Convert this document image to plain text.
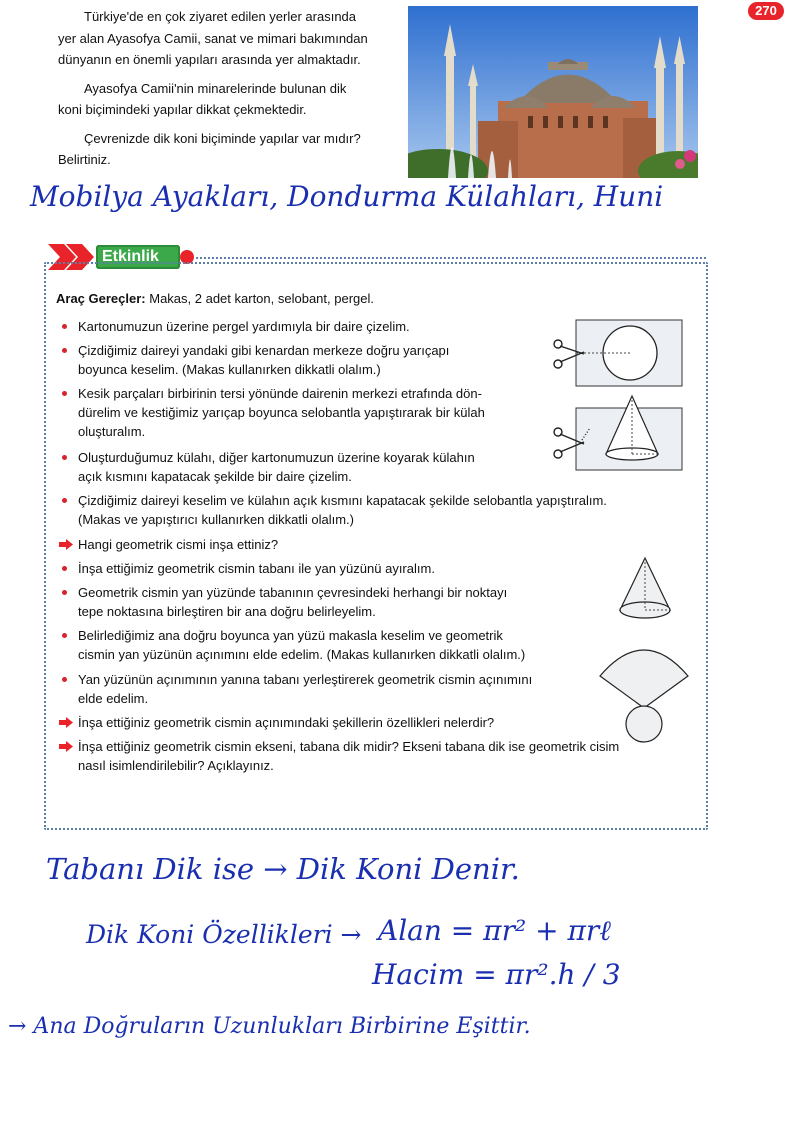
270

Türkiye'de en çok ziyaret edilen yerler arasında

yer alan Ayasofya Camii, sanat ve mimari bakımından

dünyanın en önemli yapıları arasında yer almaktadır.

Ayasofya Camii'nin minarelerinde bulunan dik

koni biçimindeki yapılar dikkat çekmektedir.

Çevrenizde dik koni biçiminde yapılar var mıdır?

Belirtiniz.

Mobilya Ayakları, Dondurma Külahları, Huni
Etkinlik
Araç Gereçler: Makas, 2 adet karton, selobant, pergel.
Kartonumuzun üzerine pergel yardımıyla bir daire çizelim.
Çizdiğimiz daireyi yandaki gibi kenardan merkeze doğru yarıçapı
boyunca keselim. (Makas kullanırken dikkatli olalım.)
Kesik parçaları birbirinin tersi yönünde dairenin merkezi etrafında dön-
dürelim ve kestiğimiz yarıçap boyunca selobantla yapıştırarak bir külah
oluşturalım.
Oluşturduğumuz külahı, diğer kartonumuzun üzerine koyarak külahın
açık kısmını kapatacak şekilde bir daire çizelim.
Çizdiğimiz daireyi keselim ve külahın açık kısmını kapatacak şekilde selobantla yapıştıralım.
(Makas ve yapıştırıcı kullanırken dikkatli olalım.)
Hangi geometrik cismi inşa ettiniz?
İnşa ettiğimiz geometrik cismin tabanı ile yan yüzünü ayıralım.
Geometrik cismin yan yüzünde tabanının çevresindeki herhangi bir noktayı
tepe noktasına birleştiren bir ana doğru belirleyelim.
Belirlediğimiz ana doğru boyunca yan yüzü makasla keselim ve geometrik
cismin yan yüzünün açınımını elde edelim. (Makas kullanırken dikkatli olalım.)
Yan yüzünün açınımının yanına tabanı yerleştirerek geometrik cismin açınımını
elde edelim.
İnşa ettiğiniz geometrik cismin açınımındaki şekillerin özellikleri nelerdir?
İnşa ettiğiniz geometrik cismin ekseni, tabana dik midir? Ekseni tabana dik ise geometrik cisim
nasıl isimlendirilebilir? Açıklayınız.
Tabanı Dik ise → Dik Koni Denir.
Dik Koni Özellikleri → Alan = πr² + πrℓ
Hacim = πr².h / 3
→ Ana Doğruların Uzunlukları Birbirine Eşittir.
